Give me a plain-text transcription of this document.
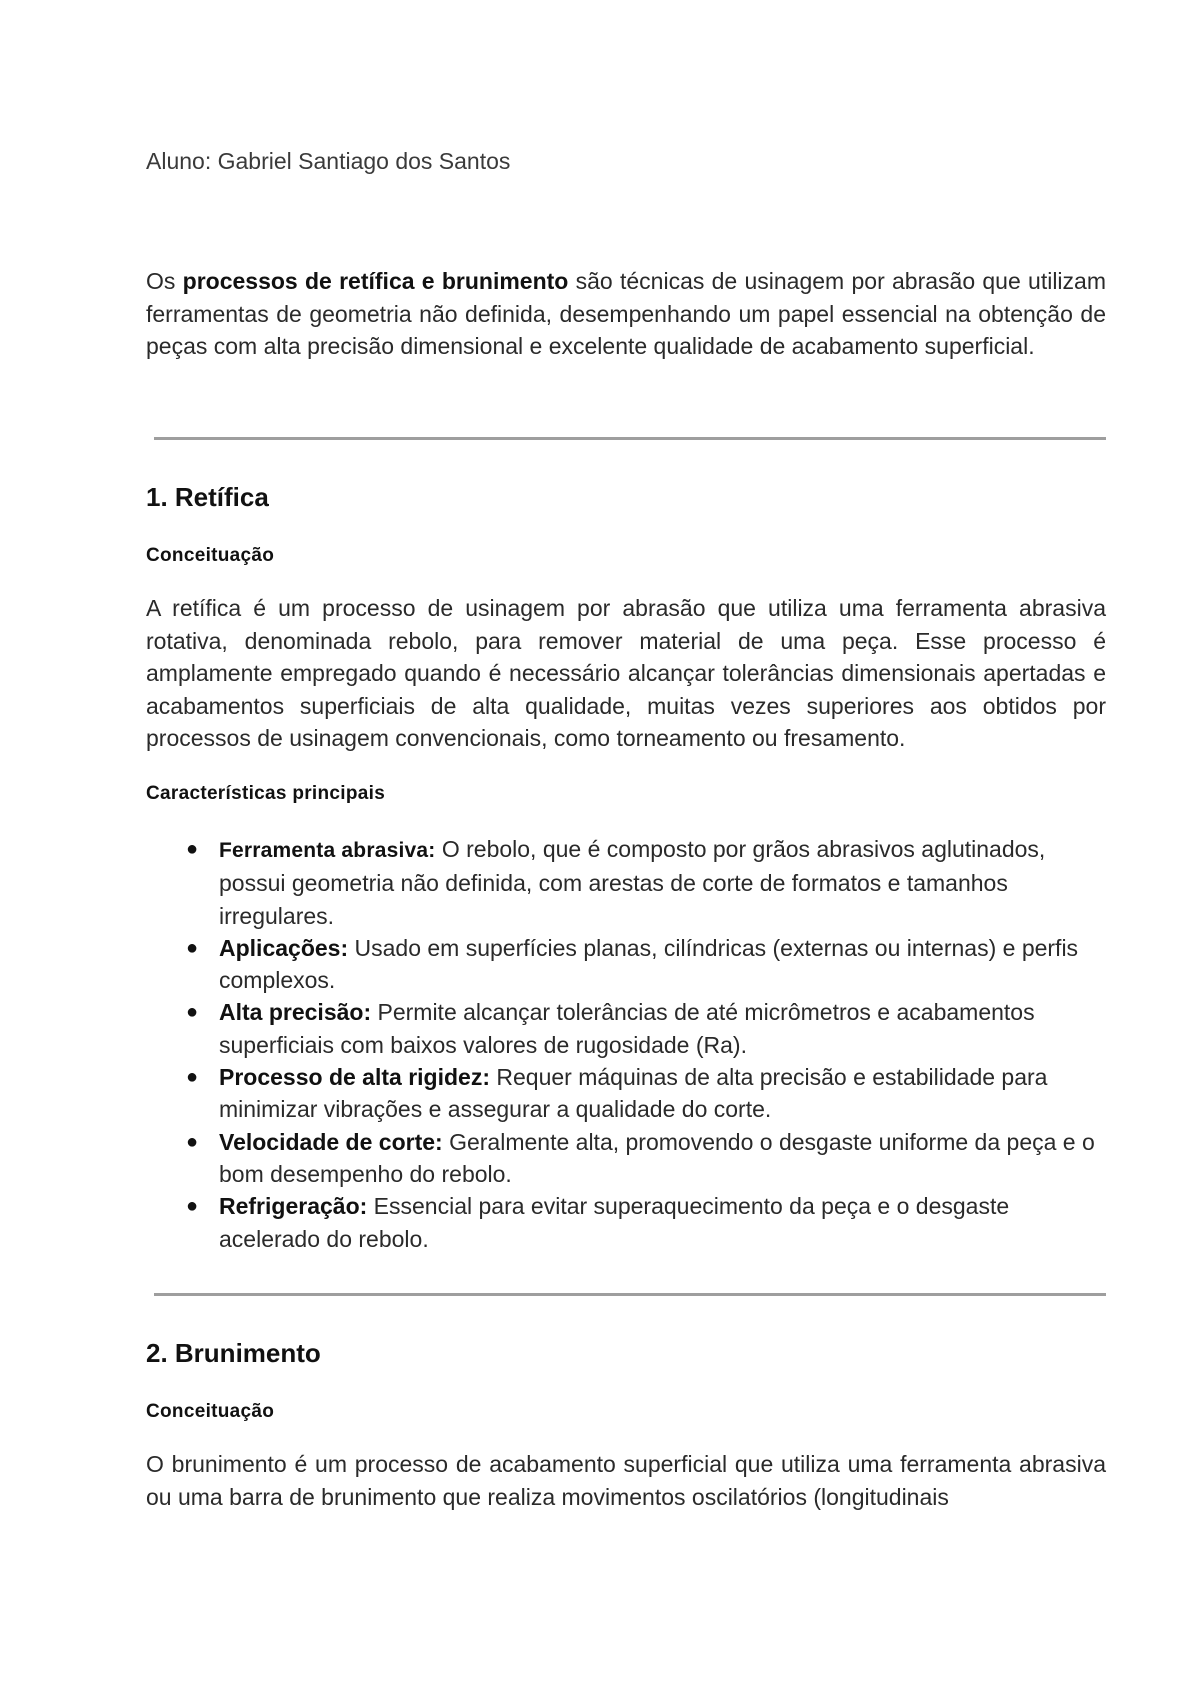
Aluno: Gabriel Santiago dos Santos

Os processos de retífica e brunimento são técnicas de usinagem por abrasão que utilizam ferramentas de geometria não definida, desempenhando um papel essencial na obtenção de peças com alta precisão dimensional e excelente qualidade de acabamento superficial.

1. Retífica
Conceituação

A retífica é um processo de usinagem por abrasão que utiliza uma ferramenta abrasiva rotativa, denominada rebolo, para remover material de uma peça. Esse processo é amplamente empregado quando é necessário alcançar tolerâncias dimensionais apertadas e acabamentos superficiais de alta qualidade, muitas vezes superiores aos obtidos por processos de usinagem convencionais, como torneamento ou fresamento.

Características principais
● Ferramenta abrasiva: O rebolo, que é composto por grãos abrasivos aglutinados, possui geometria não definida, com arestas de corte de formatos e tamanhos irregulares.
● Aplicações: Usado em superfícies planas, cilíndricas (externas ou internas) e perfis complexos.
● Alta precisão: Permite alcançar tolerâncias de até micrômetros e acabamentos superficiais com baixos valores de rugosidade (Ra).
● Processo de alta rigidez: Requer máquinas de alta precisão e estabilidade para minimizar vibrações e assegurar a qualidade do corte.
● Velocidade de corte: Geralmente alta, promovendo o desgaste uniforme da peça e o bom desempenho do rebolo.
● Refrigeração: Essencial para evitar superaquecimento da peça e o desgaste acelerado do rebolo.
2. Brunimento
Conceituação

O brunimento é um processo de acabamento superficial que utiliza uma ferramenta abrasiva ou uma barra de brunimento que realiza movimentos oscilatórios (longitudinais
